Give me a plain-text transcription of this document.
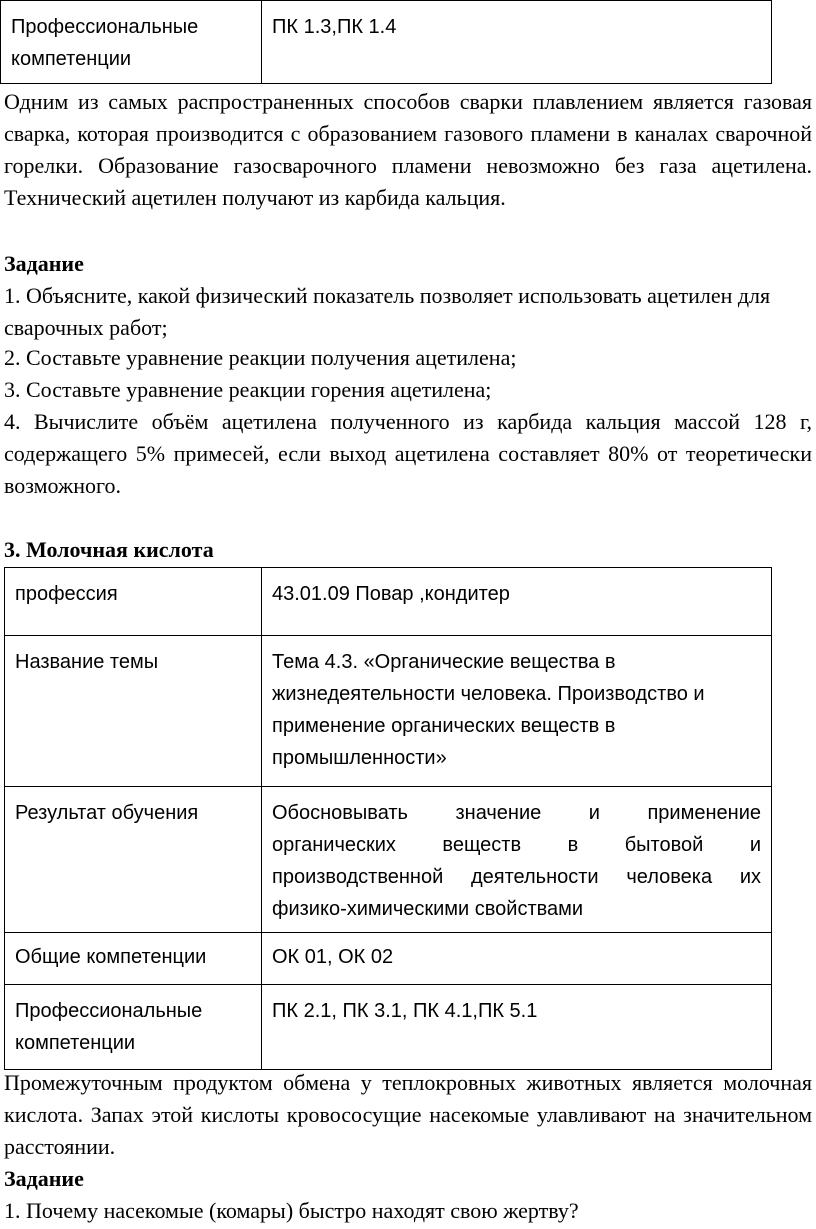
Профессиональные компетенции	ПК 1.3,ПК 1.4

Одним из самых распространенных способов сварки плавлением является газовая сварка, которая производится с образованием газового пламени в каналах сварочной горелки. Образование газосварочного пламени невозможно без газа ацетилена. Технический ацетилен получают из карбида кальция.

Задание

1. Объясните, какой физический показатель позволяет использовать ацетилен для сварочных работ;

2. Составьте уравнение реакции получения ацетилена;

3. Составьте уравнение реакции горения ацетилена;

4. Вычислите объём ацетилена полученного из карбида кальция массой 128 г, содержащего 5% примесей, если выход ацетилена составляет 80% от теоретически возможного.

3. Молочная кислота

профессия	43.01.09 Повар ,кондитер
Название темы	Тема 4.3. «Органические вещества в жизнедеятельности человека. Производство и применение органических веществ в промышленности»
Результат обучения	Обосновывать значение и применение органических веществ в бытовой и производственной деятельности человека их физико-химическими свойствами

Общие компетенции	ОК 01, ОК 02
Профессиональные компетенции	ПК 2.1, ПК 3.1, ПК 4.1,ПК 5.1

Промежуточным продуктом обмена у теплокровных животных является молочная кислота. Запах этой кислоты кровососущие насекомые улавливают на значительном расстоянии.

Задание

1. Почему насекомые (комары) быстро находят свою жертву?
